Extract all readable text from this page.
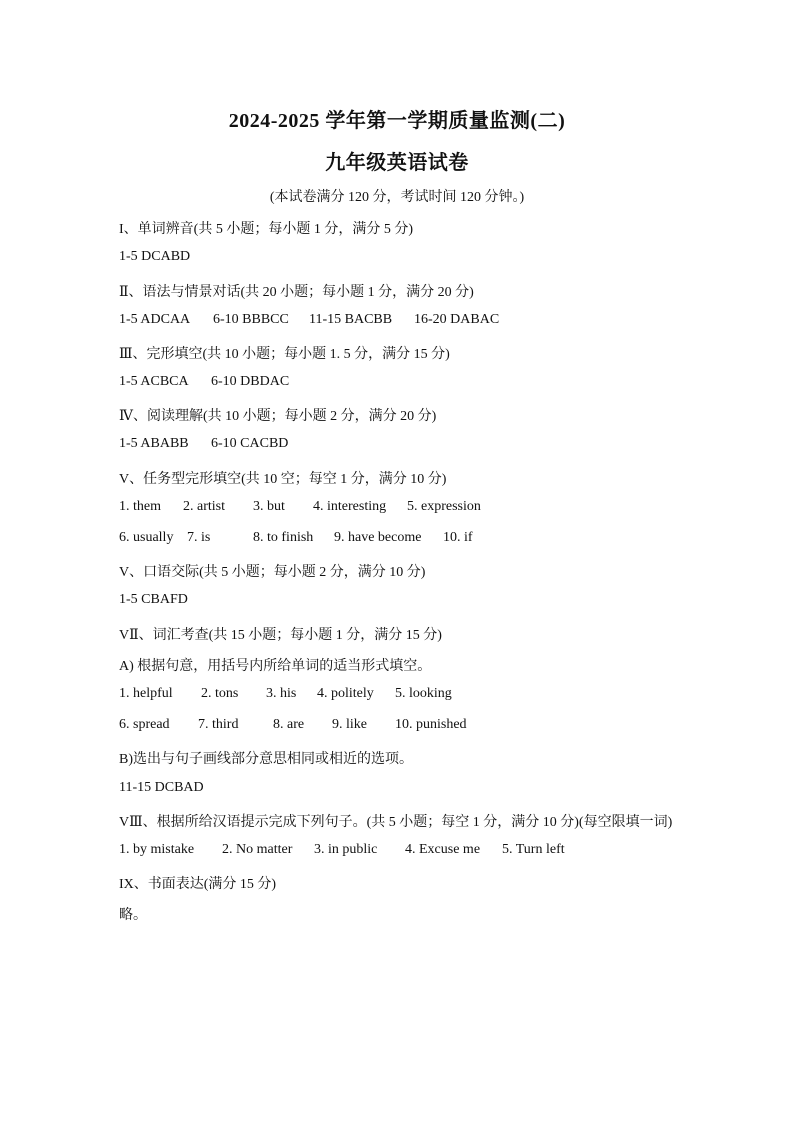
2024-2025 学年第一学期质量监测(二)
九年级英语试卷
(本试卷满分 120 分，考试时间 120 分钟。)
I、单词辨音(共 5 小题；每小题 1 分，满分 5 分)
1-5 DCABD
Ⅱ、语法与情景对话(共 20 小题；每小题 1 分，满分 20 分)
1-5 ADCAA 6-10 BBBCC 11-15 BACBB 16-20 DABAC
Ⅲ、完形填空(共 10 小题；每小题 1. 5 分，满分 15 分)
1-5 ACBCA 6-10 DBDAC
Ⅳ、阅读理解(共 10 小题；每小题 2 分，满分 20 分)
1-5 ABABB 6-10 CACBD
V、任务型完形填空(共 10 空；每空 1 分，满分 10 分)
1. them 2. artist 3. but 4. interesting 5. expression
6. usually 7. is	8. to finish 9. have become 10. if
V、口语交际(共 5 小题；每小题 2 分，满分 10 分)
1-5 CBAFD
VⅡ、词汇考查(共 15 小题；每小题 1 分，满分 15 分)
A) 根据句意，用括号内所给单词的适当形式填空。
1. helpful 2. tons 3. his 4. politely 5. looking
6. spread 7. third 8. are 9. like 10. punished
B)选出与句子画线部分意思相同或相近的选项。
11-15 DCBAD
VⅢ、根据所给汉语提示完成下列句子。(共 5 小题；每空 1 分，满分 10 分)(每空限填一词)
1. by mistake 2. No matter 3. in public 4. Excuse me 5. Turn left
IX、书面表达(满分 15 分)
略。
